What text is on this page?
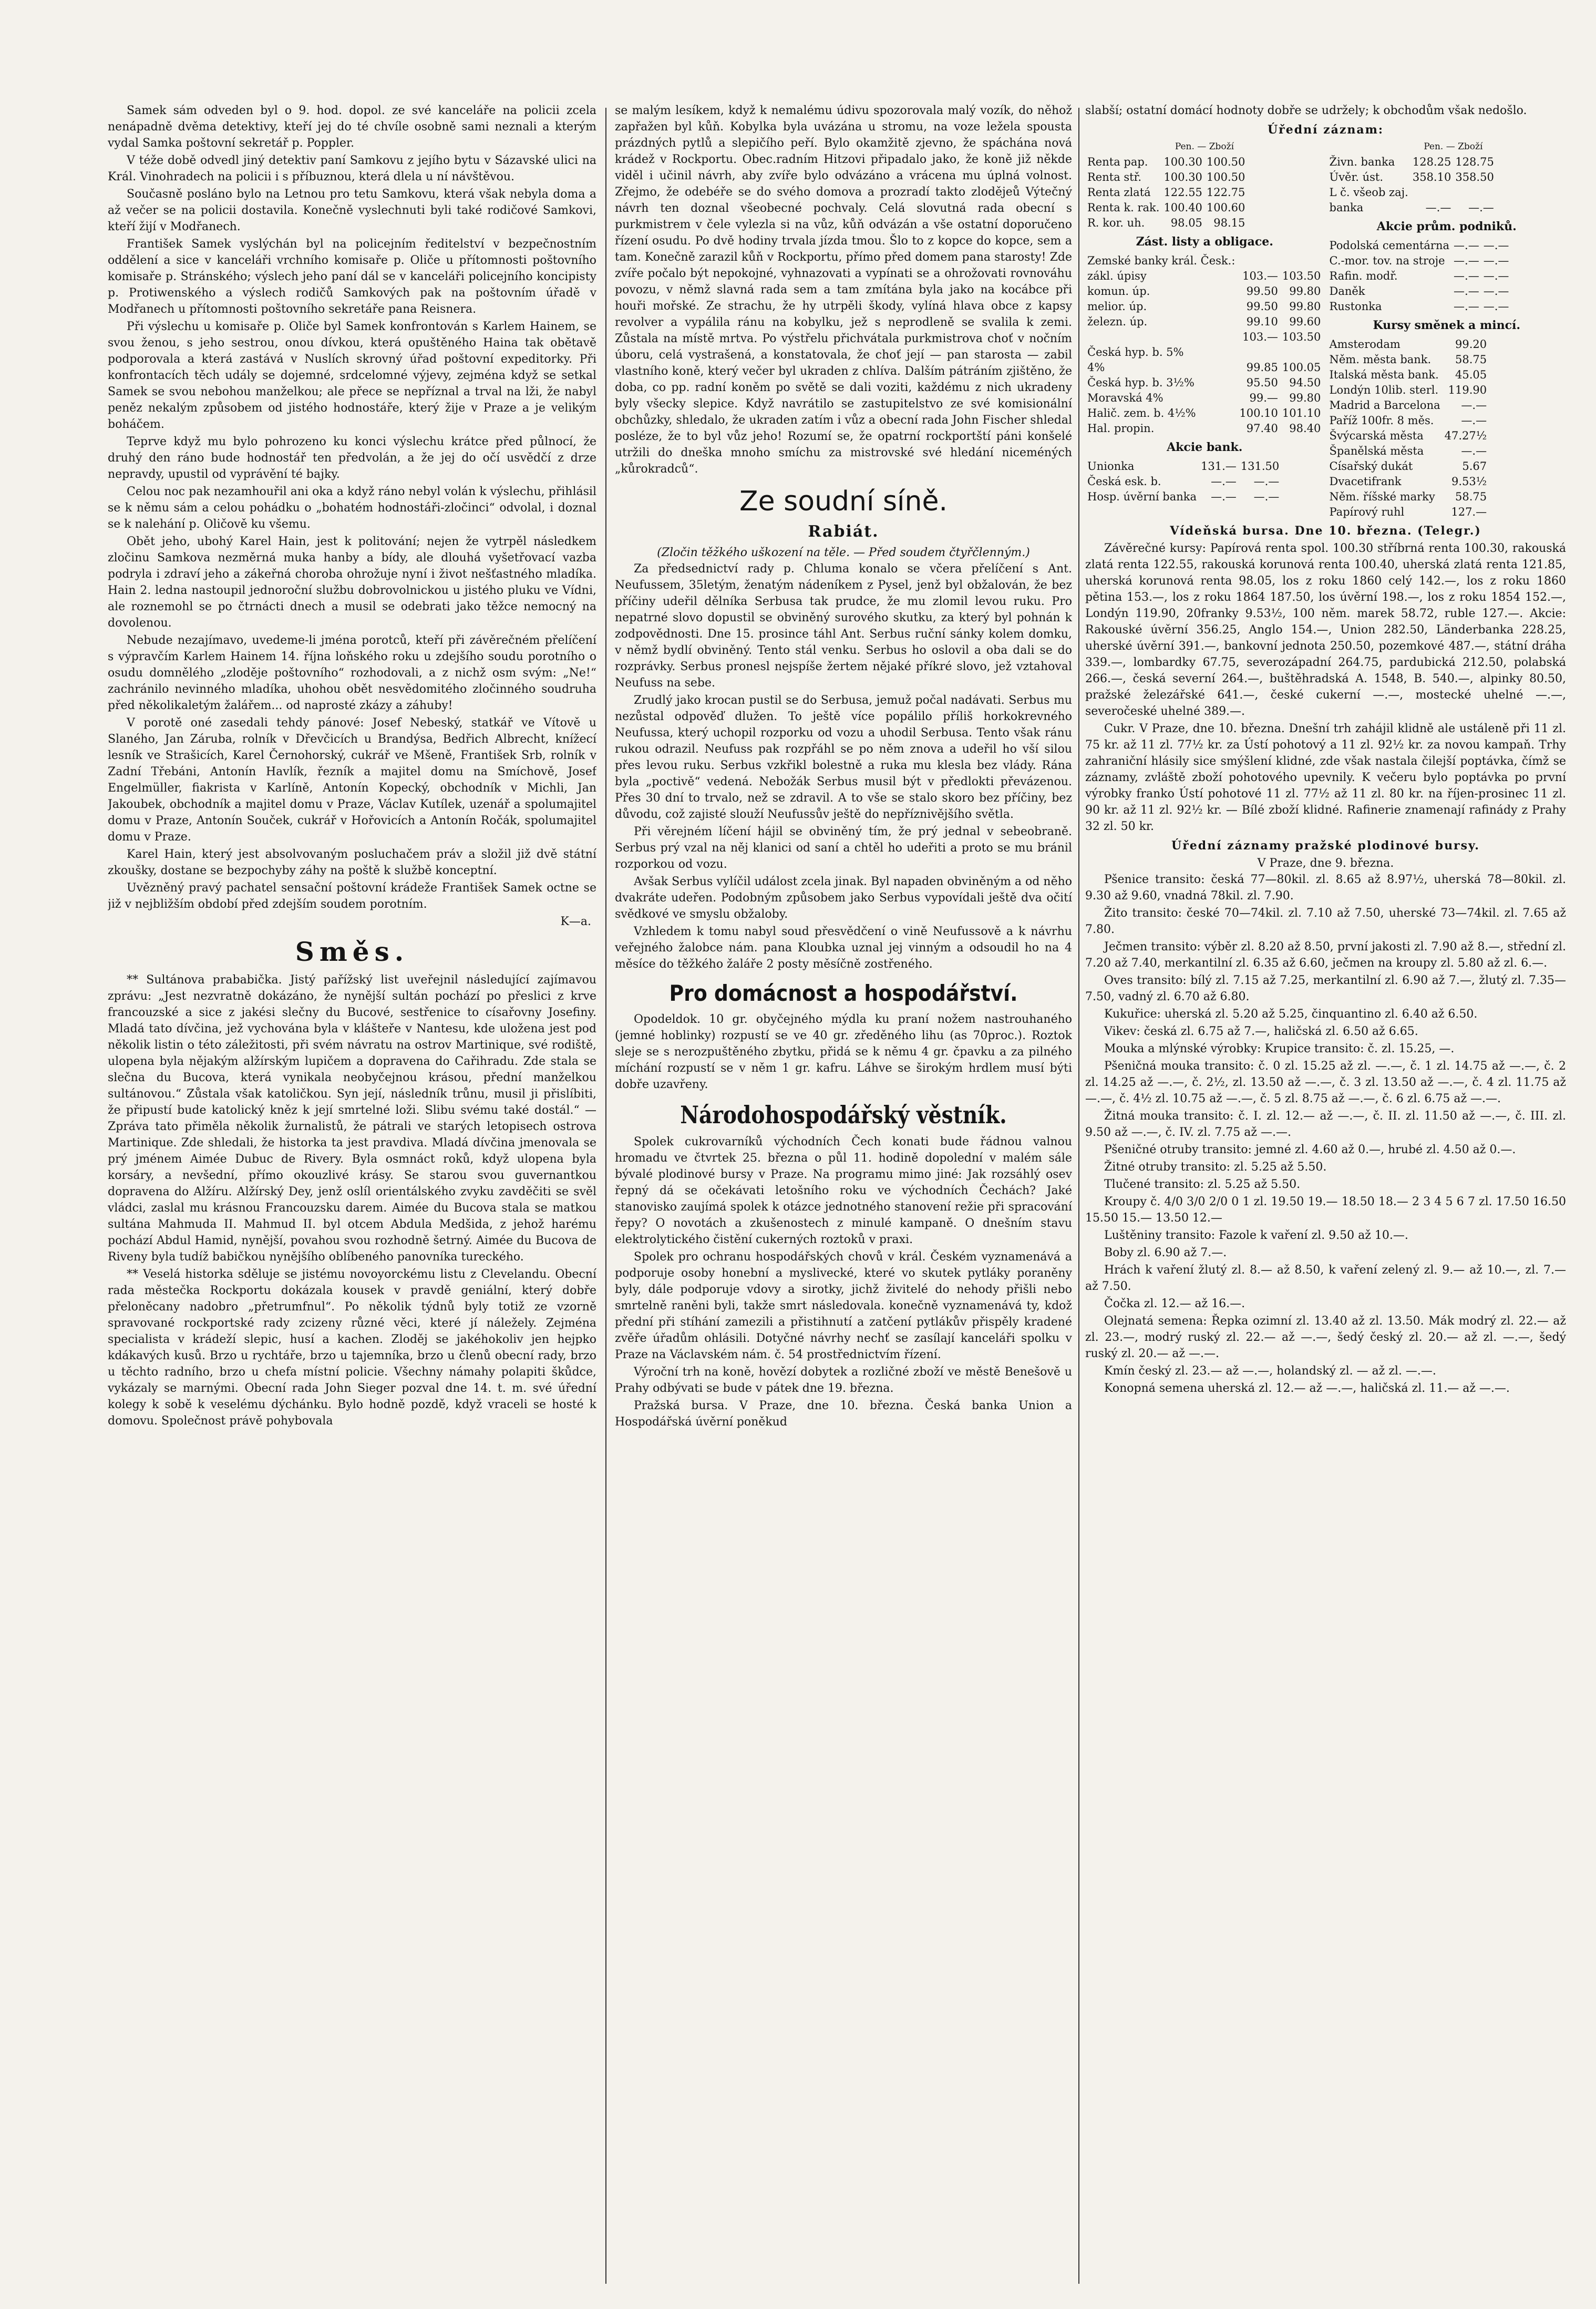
Samek sám odveden byl o 9. hod. dopol. ze své kanceláře na policii zcela nenápadně dvěma detektivy, kteří jej do té chvíle osobně sami neznali a kterým vydal Samka poštovní sekretář p. Poppler.

V téže době odvedl jiný detektiv paní Samkovu z jejího bytu v Sázavské ulici na Král. Vinohradech na policii i s příbuznou, která dlela u ní návštěvou.

Současně posláno bylo na Letnou pro tetu Samkovu, která však nebyla doma a až večer se na policii dostavila. Konečně vyslechnuti byli také rodičové Samkovi, kteří žijí v Modřanech.

František Samek vyslýchán byl na policejním ředitelství v bezpečnostním oddělení a sice v kanceláři vrchního komisaře p. Oliče u přítomnosti poštovního komisaře p. Stránského; výslech jeho paní dál se v kanceláři policejního koncipisty p. Protiwenského a výslech rodičů Samkových pak na poštovním úřadě v Modřanech u přítomnosti poštovního sekretáře pana Reisnera.

Při výslechu u komisaře p. Oliče byl Samek konfrontován s Karlem Hainem, se svou ženou, s jeho sestrou, onou dívkou, která opuštěného Haina tak obětavě podporovala a která zastává v Nuslích skrovný úřad poštovní expeditorky. Při konfrontacích těch udály se dojemné, srdcelomné výjevy, zejména když se setkal Samek se svou nebohou manželkou; ale přece se nepříznal a trval na lži, že nabyl peněz nekalým způsobem od jistého hodnostáře, který žije v Praze a je velikým boháčem.

Teprve když mu bylo pohrozeno ku konci výslechu krátce před půlnocí, že druhý den ráno bude hodnostář ten předvolán, a že jej do očí usvědčí z drze nepravdy, upustil od vyprávění té bajky.

Celou noc pak nezamhouřil ani oka a když ráno nebyl volán k výslechu, přihlásil se k němu sám a celou pohádku o „bohatém hodnostáři-zločinci“ odvolal, i doznal se k nalehání p. Oličově ku všemu.

Obět jeho, ubohý Karel Hain, jest k politování; nejen že vytrpěl následkem zločinu Samkova nezměrná muka hanby a bídy, ale dlouhá vyšetřovací vazba podryla i zdraví jeho a zákeřná choroba ohrožuje nyní i život nešťastného mladíka. Hain 2. ledna nastoupil jednoroční službu dobrovolnickou u jistého pluku ve Vídni, ale roznemohl se po čtrnácti dnech a musil se odebrati jako těžce nemocný na dovolenou.

Nebude nezajímavo, uvedeme-li jména porotců, kteří při závěrečném přelíčení s výpravčím Karlem Hainem 14. října loňského roku u zdejšího soudu porotního o osudu domnělého „zloděje poštovního“ rozhodovali, a z nichž osm svým: „Ne!“ zachránilo nevinného mladíka, uhohou obět nesvědomitého zločinného soudruha před několikaletým žalářem... od naprosté zkázy a záhuby!

V porotě oné zasedali tehdy pánové: Josef Nebeský, statkář ve Vítově u Slaného, Jan Záruba, rolník v Dřevčicích u Brandýsa, Bedřich Albrecht, knížecí lesník ve Strašicích, Karel Černohorský, cukrář ve Mšeně, František Srb, rolník v Zadní Třebáni, Antonín Havlík, řezník a majitel domu na Smíchově, Josef Engelmüller, fiakrista v Karlíně, Antonín Kopecký, obchodník v Michli, Jan Jakoubek, obchodník a majitel domu v Praze, Václav Kutílek, uzenář a spolumajitel domu v Praze, Antonín Souček, cukrář v Hořovicích a Antonín Ročák, spolumajitel domu v Praze.

Karel Hain, který jest absolvovaným posluchačem práv a složil již dvě státní zkoušky, dostane se bezpochyby záhy na poště k službě konceptní.

Uvězněný pravý pachatel sensační poštovní krádeže František Samek octne se již v nejbližším období před zdejším soudem porotním.

K—a.
Směs.

** Sultánova prababička. Jistý pařížský list uveřejnil následující zajímavou zprávu: „Jest nezvratně dokázáno, že nynější sultán pochází po přeslici z krve francouzské a sice z jakési slečny du Bucové, sestřenice to císařovny Josefiny. Mladá tato dívčina, jež vychována byla v klášteře v Nantesu, kde uložena jest pod několik listin o této záležitosti, při svém návratu na ostrov Martinique, své rodiště, ulopena byla nějakým alžírským lupičem a dopravena do Cařihradu. Zde stala se slečna du Bucova, která vynikala neobyčejnou krásou, přední manželkou sultánovou.“ Zůstala však katoličkou. Syn její, následník trůnu, musil ji přislíbiti, že připustí bude katolický kněz k její smrtelné loži. Slibu svému také dostál.“ — Zpráva tato přiměla několik žurnalistů, že pátrali ve starých letopisech ostrova Martinique. Zde shledali, že historka ta jest pravdiva. Mladá dívčina jmenovala se prý jménem Aimée Dubuc de Rivery. Byla osmnáct roků, když ulopena byla korsáry, a nevšední, přímo okouzlivé krásy. Se starou svou guvernantkou dopravena do Alžíru. Alžírský Dey, jenž oslíl orientálského zvyku zavděčiti se svěl vládci, zaslal mu krásnou Francouzsku darem. Aimée du Bucova stala se matkou sultána Mahmuda II. Mahmud II. byl otcem Abdula Medšida, z jehož harému pochází Abdul Hamid, nynější, povahou svou rozhodně šetrný. Aimée du Bucova de Riveny byla tudíž babičkou nynějšího oblíbeného panovníka tureckého.

** Veselá historka sděluje se jistému novoyorckému listu z Clevelandu. Obecní rada městečka Rockportu dokázala kousek v pravdě geniální, který dobře přeloněcany nadobro „přetrumfnul“. Po několik týdnů byly totiž ze vzorně spravované rockportské rady zcizeny různé věci, které jí náležely. Zejména specialista v krádeží slepic, husí a kachen. Zloděj se jakéhokoliv jen hejpko kdákavých kusů. Brzo u rychtáře, brzo u tajemníka, brzo u členů obecní rady, brzo u těchto radního, brzo u chefa místní policie. Všechny námahy polapiti škůdce, vykázaly se marnými. Obecní rada John Sieger pozval dne 14. t. m. své úřední kolegy k sobě k veselému dýchánku. Bylo hodně pozdě, když vraceli se hosté k domovu. Společnost právě pohybovala

se malým lesíkem, když k nemalému údivu spozorovala malý vozík, do něhož zapřažen byl kůň. Kobylka byla uvázána u stromu, na voze ležela spousta prázdných pytlů a slepičího peří. Bylo okamžitě zjevno, že spáchána nová krádež v Rockportu. Obec.radním Hitzovi připadalo jako, že koně již někde viděl i učinil návrh, aby zvíře bylo odvázáno a vrácena mu úplná volnost. Zřejmo, že odebéře se do svého domova a prozradí takto zlodějeů Výtečný návrh ten doznal všeobecné pochvaly. Celá slovutná rada obecní s purkmistrem v čele vylezla si na vůz, kůň odvázán a vše ostatní doporučeno řízení osudu. Po dvě hodiny trvala jízda tmou. Šlo to z kopce do kopce, sem a tam. Konečně zarazil kůň v Rockportu, přímo před domem pana starosty! Zde zvíře počalo být nepokojné, vyhnazovati a vypínati se a ohrožovati rovnováhu povozu, v němž slavná rada sem a tam zmítána byla jako na kocábce při houři mořské. Ze strachu, že hy utrpěli škody, vylíná hlava obce z kapsy revolver a vypálila ránu na kobylku, jež s neprodleně se svalila k zemi. Zůstala na místě mrtva. Po výstřelu přichvátala purkmistrova choť v nočním úboru, celá vystrašená, a konstatovala, že choť její — pan starosta — zabil vlastního koně, který večer byl ukraden z chlíva. Dalším pátráním zjištěno, že doba, co pp. radní koněm po světě se dali voziti, každému z nich ukradeny byly všecky slepice. Když navrátilo se zastupitelstvo ze své komisionální obchůzky, shledalo, že ukraden zatím i vůz a obecní rada John Fischer shledal posléze, že to byl vůz jeho! Rozumí se, že opatrní rockportští páni konšelé utržili do dneška mnoho smíchu za mistrovské své hledání niceméných „kůrokradců“.

Ze soudní síně.
Rabiát.
(Zločin těžkého uškození na těle. — Před soudem čtyřčlenným.)

Za předsednictví rady p. Chluma konalo se včera přelíčení s Ant. Neufussem, 35letým, ženatým nádeníkem z Pysel, jenž byl obžalován, že bez příčiny udeřil dělníka Serbusa tak prudce, že mu zlomil levou ruku. Pro nepatrné slovo dopustil se obviněný surového skutku, za který byl pohnán k zodpovědnosti. Dne 15. prosince táhl Ant. Serbus ruční sánky kolem domku, v němž bydlí obviněný. Tento stál venku. Serbus ho oslovil a oba dali se do rozprávky. Serbus pronesl nejspíše žertem nějaké příkré slovo, jež vztahoval Neufuss na sebe.

Zrudlý jako krocan pustil se do Serbusa, jemuž počal nadávati. Serbus mu nezůstal odpověď dlužen. To ještě více popálilo příliš horkokrevného Neufussa, který uchopil rozporku od vozu a uhodil Serbusa. Tento však ránu rukou odrazil. Neufuss pak rozpřáhl se po něm znova a udeřil ho vší silou přes levou ruku. Serbus vzkřikl bolestně a ruka mu klesla bez vlády. Rána byla „poctivě“ vedená. Nebožák Serbus musil být v předlokti převázenou. Přes 30 dní to trvalo, než se zdravil. A to vše se stalo skoro bez příčiny, bez důvodu, což zajisté slouží Neufussův ještě do nepříznivějšího světla.

Při věrejném líčení hájil se obviněný tím, že prý jednal v sebeobraně. Serbus prý vzal na něj klanici od saní a chtěl ho udeřiti a proto se mu bránil rozporkou od vozu.

Avšak Serbus vylíčil událost zcela jinak. Byl napaden obviněným a od něho dvakráte udeřen. Podobným způsobem jako Serbus vypovídali ještě dva očití svědkové ve smyslu obžaloby.

Vzhledem k tomu nabyl soud přesvědčení o vině Neufussově a k návrhu veřejného žalobce nám. pana Kloubka uznal jej vinným a odsoudil ho na 4 měsíce do těžkého žaláře 2 posty měsíčně zostřeného.

Pro domácnost a hospodářství.

Opodeldok. 10 gr. obyčejného mýdla ku praní nožem nastrouhaného (jemné hoblinky) rozpustí se ve 40 gr. zředěného lihu (as 70proc.). Roztok sleje se s nerozpuštěného zbytku, přidá se k němu 4 gr. čpavku a za pilného míchání rozpustí se v něm 1 gr. kafru. Láhve se širokým hrdlem musí býti dobře uzavřeny.

Národohospodářský věstník.

Spolek cukrovarníků východních Čech konati bude řádnou valnou hromadu ve čtvrtek 25. března o půl 11. hodině dopolední v malém sále bývalé plodinové bursy v Praze. Na programu mimo jiné: Jak rozsáhlý osev řepný dá se očekávati letošního roku ve východních Čechách? Jaké stanovisko zaujímá spolek k otázce jednotného stanovení režie při spracování řepy? O novotách a zkušenostech z minulé kampaně. O dnešním stavu elektrolytického čistění cukerných roztoků v praxi.

Spolek pro ochranu hospodářských chovů v král. Českém vyznamenává a podporuje osoby honební a myslivecké, které vo skutek pytláky poraněny byly, dále podporuje vdovy a sirotky, jichž živitelé do nehody přišli nebo smrtelně raněni byli, takže smrt následovala. konečně vyznamenává ty, kdož přední při stíhání zamezili a přistihnutí a zatčení pytlákův přispěly kradené zvěře úřadům ohlásili. Dotyčné návrhy nechť se zasílají kanceláři spolku v Praze na Václavském nám. č. 54 prostřednictvím řízení.

Výroční trh na koně, hovězí dobytek a rozličné zboží ve městě Benešově u Prahy odbývati se bude v pátek dne 19. března.

Pražská bursa. V Praze, dne 10. března. Česká banka Union a Hospodářská úvěrní poněkud

slabší; ostatní domácí hodnoty dobře se udržely; k obchodům však nedošlo.

Úřední záznam:
	Pen. — Zboží	
Renta pap.	100.30	100.50
Renta stř.	100.30	100.50
Renta zlatá	122.55	122.75
Renta k. rak.	100.40	100.60
R. kor. uh.	98.05	98.15
Zást. listy a obligace.
Zemské banky král. Česk.:		
zákl. úpisy	103.—	103.50
komun. úp.	99.50	99.80
melior. úp.	99.50	99.80
železn. úp.	99.10	99.60
	103.—	103.50
Česká hyp. b. 5%		
4%	99.85	100.05
Česká hyp. b. 3½%	95.50	94.50
Moravská 4%	99.—	99.80
Halič. zem. b. 4½%	100.10	101.10
Hal. propin.	97.40	98.40
Akcie bank.
Unionka	131.—	131.50
Česká esk. b.	—.—	—.—
Hosp. úvěrní banka	—.—	—.—
	Pen. — Zboží	
Živn. banka	128.25	128.75
Úvěr. úst.	358.10	358.50
L č. všeob zaj.		
banka	—.—	—.—
Akcie prům. podniků.
Podolská cementárna	—.—	—.—
C.-mor. tov. na stroje	—.—	—.—
Rafin. modř.	—.—	—.—
Daněk	—.—	—.—
Rustonka	—.—	—.—
Kursy směnek a mincí.
Amsterodam	99.20
Něm. města bank.	58.75
Italská města bank.	45.05
Londýn 10lib. sterl.	119.90
Madrid a Barcelona	—.—
Paříž 100fr. 8 měs.	—.—
Švýcarská města	47.27½
Španělská města	—.—
Císařský dukát	5.67
Dvacetifrank	9.53½
Něm. říšské marky	58.75
Papírový ruhl	127.—
Vídeňská bursa. Dne 10. března. (Telegr.)

Závěrečné kursy: Papírová renta spol. 100.30 stříbrná renta 100.30, rakouská zlatá renta 122.55, rakouská korunová renta 100.40, uherská zlatá renta 121.85, uherská korunová renta 98.05, los z roku 1860 celý 142.—, los z roku 1860 pětina 153.—, los z roku 1864 187.50, los úvěrní 198.—, los z roku 1854 152.—, Londýn 119.90, 20franky 9.53½, 100 něm. marek 58.72, ruble 127.—. Akcie: Rakouské úvěrní 356.25, Anglo 154.—, Union 282.50, Länderbanka 228.25, uherské úvěrní 391.—, bankovní jednota 250.50, pozemkové 487.—, státní dráha 339.—, lombardky 67.75, severozápadní 264.75, pardubická 212.50, polabská 266.—, česká severní 264.—, buštěhradská A. 1548, B. 540.—, alpinky 80.50, pražské železářské 641.—, české cukerní —.—, mostecké uhelné —.—, severočeské uhelné 389.—.

Cukr. V Praze, dne 10. března. Dnešní trh zahájil klidně ale ustáleně při 11 zl. 75 kr. až 11 zl. 77½ kr. za Ústí pohotový a 11 zl. 92½ kr. za novou kampaň. Trhy zahraniční hlásily sice smýšlení klidné, zde však nastala čilejší poptávka, čímž se záznamy, zvláště zboží pohotového upevnily. K večeru bylo poptávka po první výrobky franko Ústí pohotové 11 zl. 77½ až 11 zl. 80 kr. na říjen-prosinec 11 zl. 90 kr. až 11 zl. 92½ kr. — Bílé zboží klidné. Rafinerie znamenají rafinády z Prahy 32 zl. 50 kr.

Úřední záznamy pražské plodinové bursy.
V Praze, dne 9. března.

Pšenice transito: česká 77—80kil. zl. 8.65 až 8.97½, uherská 78—80kil. zl. 9.30 až 9.60, vnadná 78kil. zl. 7.90.

Žito transito: české 70—74kil. zl. 7.10 až 7.50, uherské 73—74kil. zl. 7.65 až 7.80.

Ječmen transito: výběr zl. 8.20 až 8.50, první jakosti zl. 7.90 až 8.—, střední zl. 7.20 až 7.40, merkantilní zl. 6.35 až 6.60, ječmen na kroupy zl. 5.80 až zl. 6.—.

Oves transito: bílý zl. 7.15 až 7.25, merkantilní zl. 6.90 až 7.—, žlutý zl. 7.35—7.50, vadný zl. 6.70 až 6.80.

Kukuřice: uherská zl. 5.20 až 5.25, činquantino zl. 6.40 až 6.50.

Vikev: česká zl. 6.75 až 7.—, haličská zl. 6.50 až 6.65.

Mouka a mlýnské výrobky: Krupice transito: č. zl. 15.25, —.

Pšeničná mouka transito: č. 0 zl. 15.25 až zl. —.—, č. 1 zl. 14.75 až —.—, č. 2 zl. 14.25 až —.—, č. 2½, zl. 13.50 až —.—, č. 3 zl. 13.50 až —.—, č. 4 zl. 11.75 až —.—, č. 4½ zl. 10.75 až —.—, č. 5 zl. 8.75 až —.—, č. 6 zl. 6.75 až —.—.

Žitná mouka transito: č. I. zl. 12.— až —.—, č. II. zl. 11.50 až —.—, č. III. zl. 9.50 až —.—, č. IV. zl. 7.75 až —.—.

Pšeničné otruby transito: jemné zl. 4.60 až 0.—, hrubé zl. 4.50 až 0.—.

Žitné otruby transito: zl. 5.25 až 5.50.

Tlučené transito: zl. 5.25 až 5.50.

Kroupy č. 4/0 3/0 2/0 0 1 zl. 19.50 19.— 18.50 18.— 2 3 4 5 6 7 zl. 17.50 16.50 15.50 15.— 13.50 12.—

Luštěniny transito: Fazole k vaření zl. 9.50 až 10.—.

Boby zl. 6.90 až 7.—.

Hrách k vaření žlutý zl. 8.— až 8.50, k vaření zelený zl. 9.— až 10.—, zl. 7.— až 7.50.

Čočka zl. 12.— až 16.—.

Olejnatá semena: Řepka ozimní zl. 13.40 až zl. 13.50. Mák modrý zl. 22.— až zl. 23.—, modrý ruský zl. 22.— až —.—, šedý český zl. 20.— až zl. —.—, šedý ruský zl. 20.— až —.—.

Kmín český zl. 23.— až —.—, holandský zl. — až zl. —.—.

Konopná semena uherská zl. 12.— až —.—, haličská zl. 11.— až —.—.
